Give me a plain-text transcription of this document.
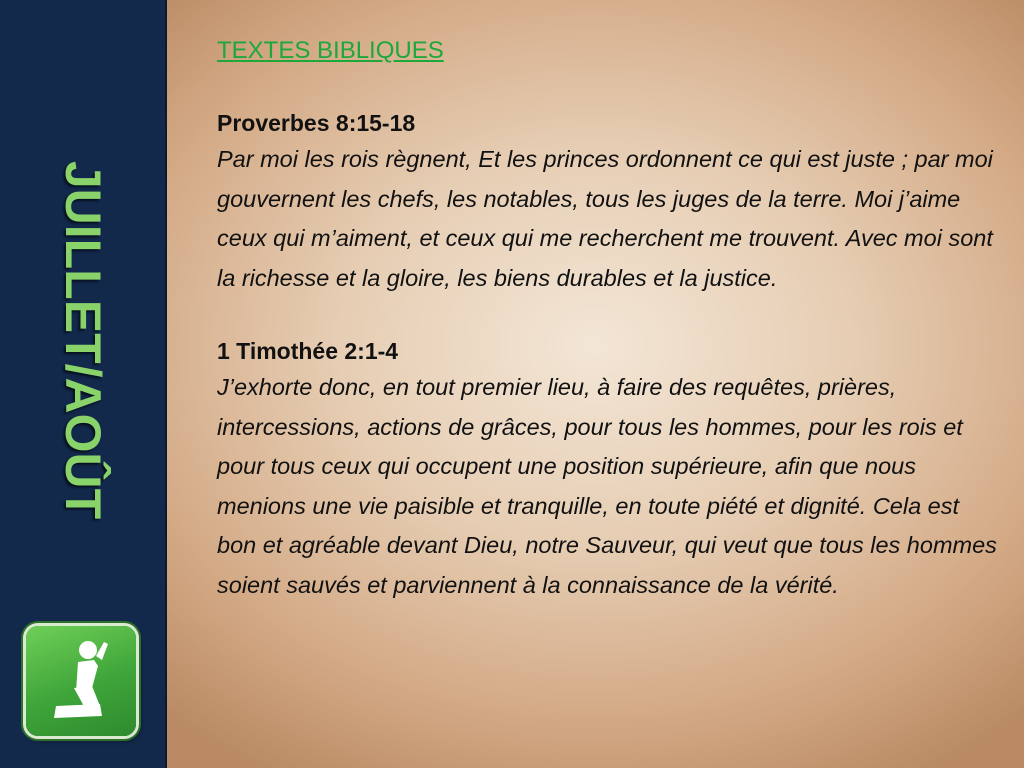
JUILLET/AOÛT

TEXTES BIBLIQUES

Proverbes 8:15-18

Par moi les rois règnent, Et les princes ordonnent ce qui est juste ; par moi gouvernent les chefs, les notables, tous les juges de la terre. Moi j’aime ceux qui m’aiment, et ceux qui me recherchent me trouvent. Avec moi sont la richesse et la gloire, les biens durables et la justice.

1 Timothée 2:1-4

J’exhorte donc, en tout premier lieu, à faire des requêtes, prières, intercessions, actions de grâces, pour tous les hommes, pour les rois et pour tous ceux qui occupent une position supérieure, afin que nous menions une vie paisible et tranquille, en toute piété et dignité. Cela est bon et agréable devant Dieu, notre Sauveur, qui veut que tous les hommes soient sauvés et parviennent à la connaissance de la vérité.
